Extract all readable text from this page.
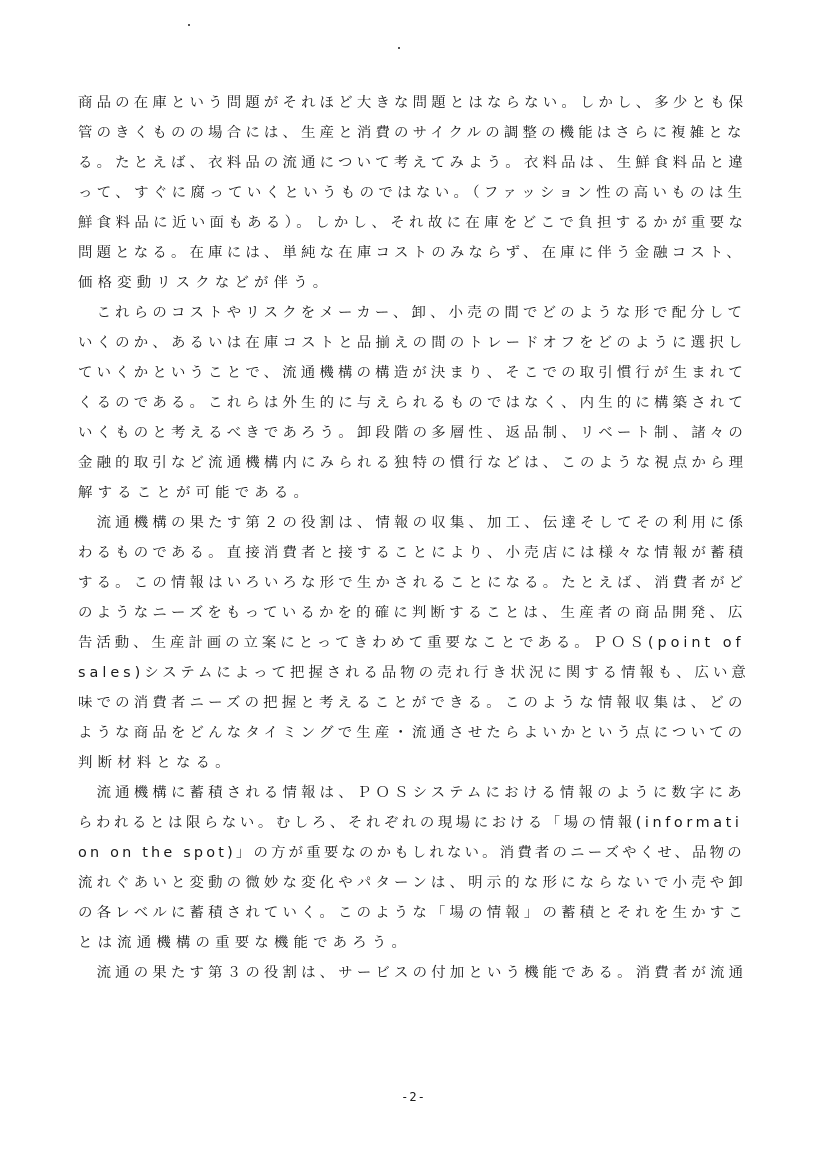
商品の在庫という問題がそれほど大きな問題とはならない。しかし、多少とも保
管のきくものの場合には、生産と消費のサイクルの調整の機能はさらに複雑とな
る。たとえば、衣料品の流通について考えてみよう。衣料品は、生鮮食料品と違
って、すぐに腐っていくというものではない。（ファッション性の高いものは生
鮮食料品に近い面もある）。しかし、それ故に在庫をどこで負担するかが重要な
問題となる。在庫には、単純な在庫コストのみならず、在庫に伴う金融コスト、
価格変動リスクなどが伴う。
　これらのコストやリスクをメーカー、卸、小売の間でどのような形で配分して
いくのか、あるいは在庫コストと品揃えの間のトレードオフをどのように選択し
ていくかということで、流通機構の構造が決まり、そこでの取引慣行が生まれて
くるのである。これらは外生的に与えられるものではなく、内生的に構築されて
いくものと考えるべきであろう。卸段階の多層性、返品制、リベート制、諸々の
金融的取引など流通機構内にみられる独特の慣行などは、このような視点から理
解することが可能である。
　流通機構の果たす第２の役割は、情報の収集、加工、伝達そしてその利用に係
わるものである。直接消費者と接することにより、小売店には様々な情報が蓄積
する。この情報はいろいろな形で生かされることになる。たとえば、消費者がど
のようなニーズをもっているかを的確に判断することは、生産者の商品開発、広
告活動、生産計画の立案にとってきわめて重要なことである。ＰＯＳ(point of
sales)システムによって把握される品物の売れ行き状況に関する情報も、広い意
味での消費者ニーズの把握と考えることができる。このような情報収集は、どの
ような商品をどんなタイミングで生産・流通させたらよいかという点についての
判断材料となる。
　流通機構に蓄積される情報は、ＰＯＳシステムにおける情報のように数字にあ
らわれるとは限らない。むしろ、それぞれの現場における「場の情報(informati
on on the spot)」の方が重要なのかもしれない。消費者のニーズやくせ、品物の
流れぐあいと変動の微妙な変化やパターンは、明示的な形にならないで小売や卸
の各レベルに蓄積されていく。このような「場の情報」の蓄積とそれを生かすこ
とは流通機構の重要な機能であろう。
　流通の果たす第３の役割は、サービスの付加という機能である。消費者が流通
-2-
